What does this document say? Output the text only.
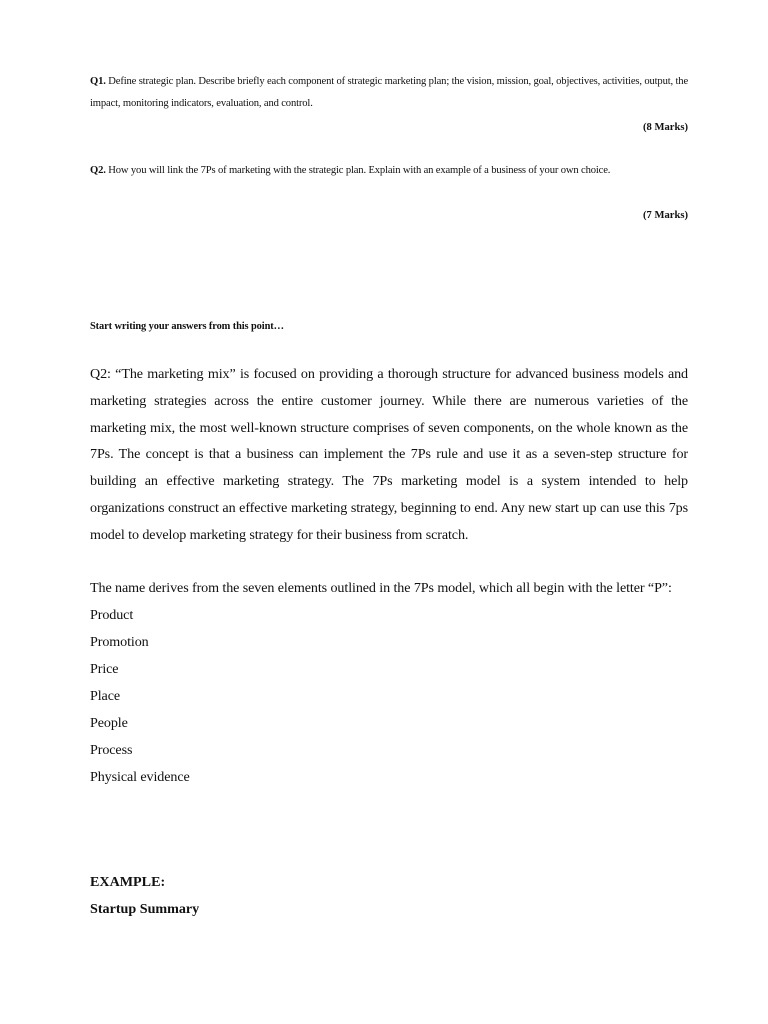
Q1. Define strategic plan. Describe briefly each component of strategic marketing plan; the vision, mission, goal, objectives, activities, output, the impact, monitoring indicators, evaluation, and control.
(8 Marks)
Q2. How you will link the 7Ps of marketing with the strategic plan. Explain with an example of a business of your own choice.
(7 Marks)
Start writing your answers from this point…

Q2: “The marketing mix” is focused on providing a thorough structure for advanced business models and marketing strategies across the entire customer journey. While there are numerous varieties of the marketing mix, the most well-known structure comprises of seven components, on the whole known as the 7Ps. The concept is that a business can implement the 7Ps rule and use it as a seven-step structure for building an effective marketing strategy. The 7Ps marketing model is a system intended to help organizations construct an effective marketing strategy, beginning to end. Any new start up can use this 7ps model to develop marketing strategy for their business from scratch.

The name derives from the seven elements outlined in the 7Ps model, which all begin with the letter “P”:

Product
Promotion
Price
Place
People
Process
Physical evidence
EXAMPLE:
Startup Summary
